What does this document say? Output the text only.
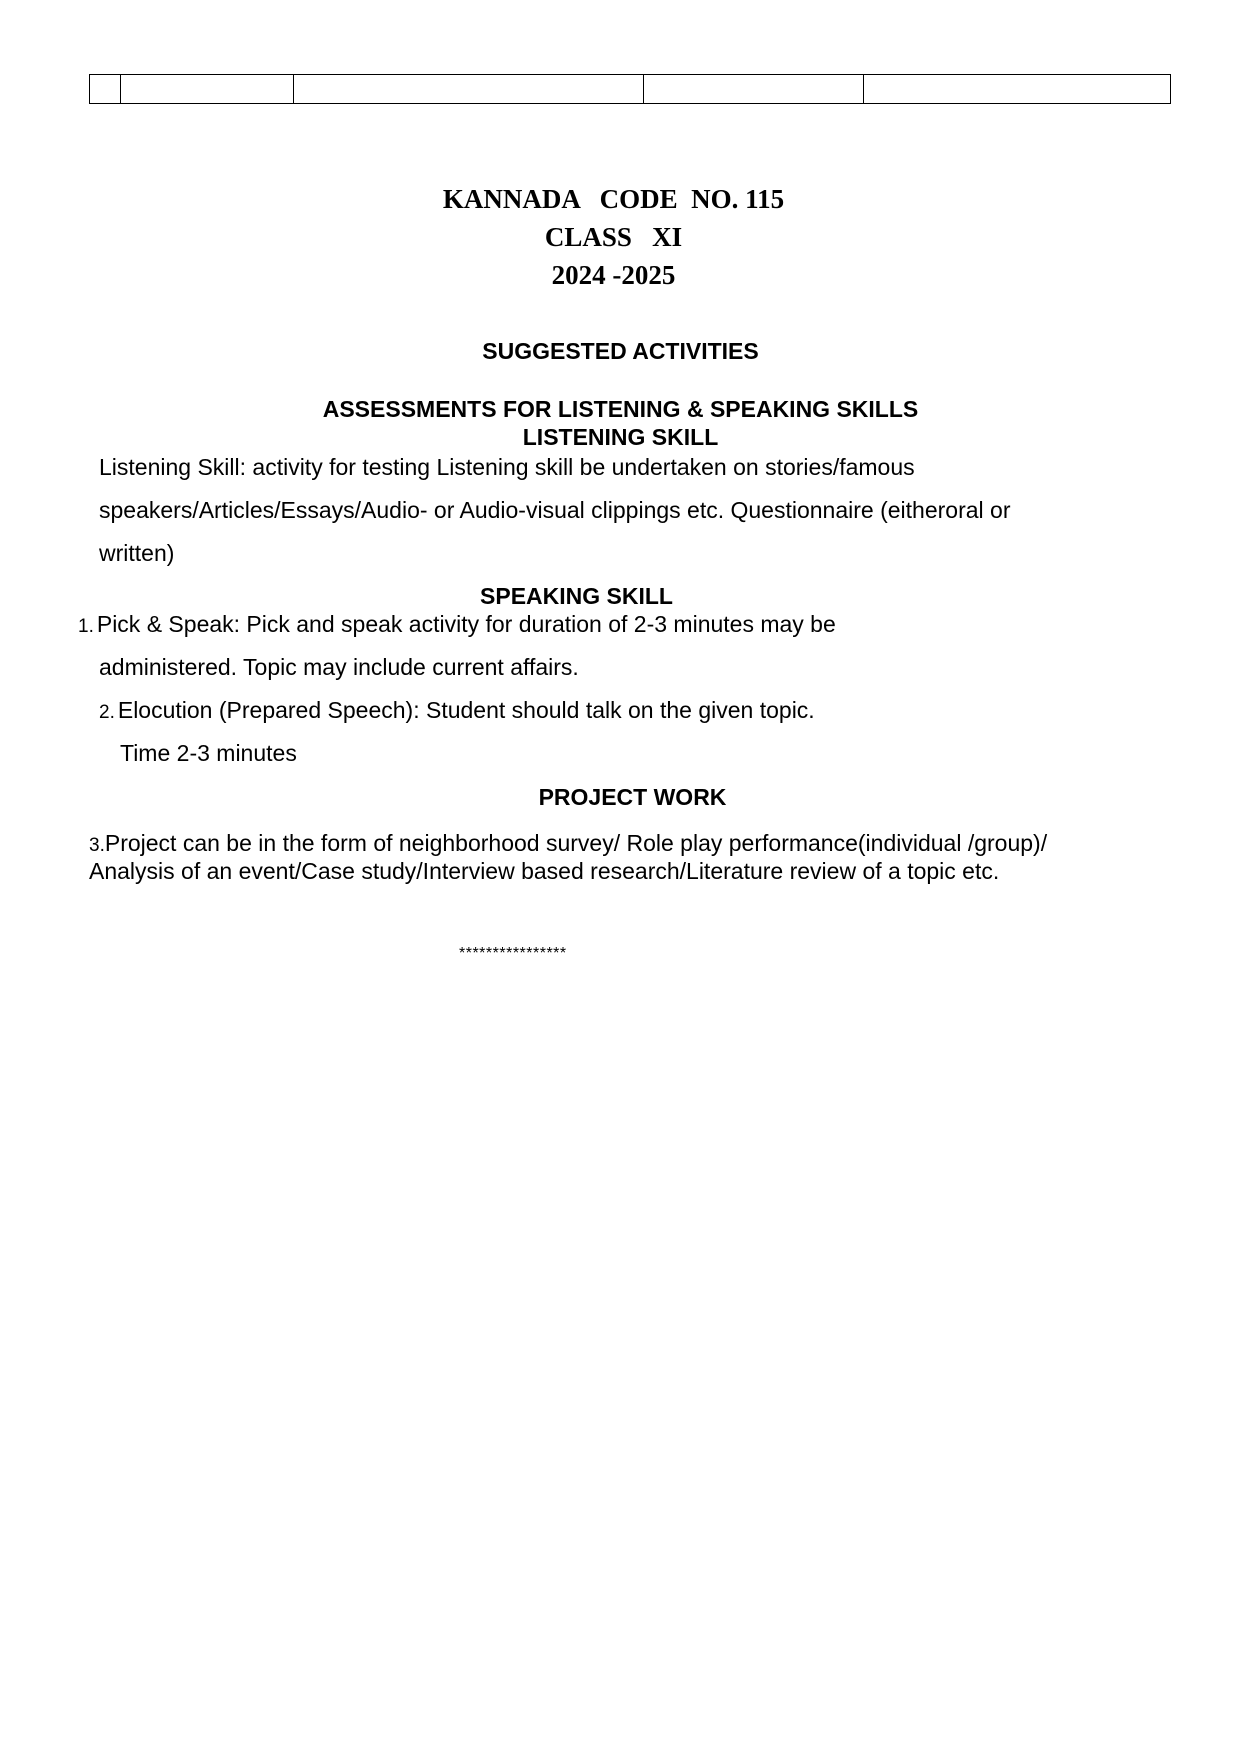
KANNADA   CODE  NO. 115
CLASS   XI
2024 -2025
SUGGESTED ACTIVITIES
ASSESSMENTS FOR LISTENING & SPEAKING SKILLS
LISTENING SKILL
Listening Skill: activity for testing Listening skill be undertaken on stories/famous
speakers/Articles/Essays/Audio- or Audio-visual clippings etc. Questionnaire (eitheroral or
written)
SPEAKING SKILL
1. Pick & Speak: Pick and speak activity for duration of 2-3 minutes may be
administered. Topic may include current affairs.
2. Elocution (Prepared Speech): Student should talk on the given topic.
Time 2-3 minutes
PROJECT WORK
3.Project can be in the form of neighborhood survey/ Role play performance(individual /group)/
Analysis of an event/Case study/Interview based research/Literature review of a topic etc.
****************
